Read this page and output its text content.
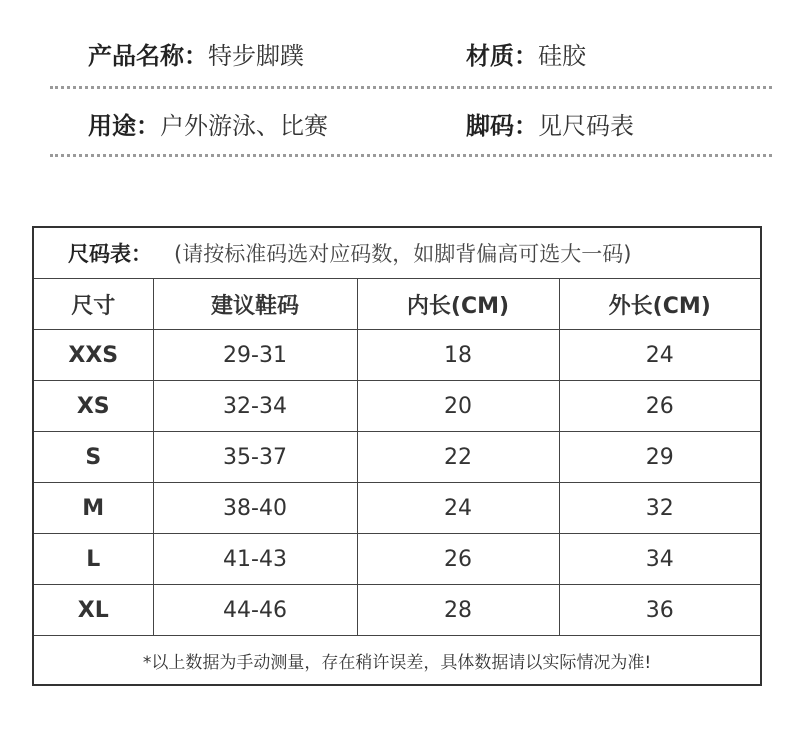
产品名称：特步脚蹼	材质：硅胶
用途：户外游泳、比赛	脚码：见尺码表
尺码表： (请按标准码选对应码数，如脚背偏高可选大一码)			
尺寸	建议鞋码	内长(CM)	外长(CM)
XXS	29-31	18	24
XS	32-34	20	26
S	35-37	22	29
M	38-40	24	32
L	41-43	26	34
XL	44-46	28	36
*以上数据为手动测量，存在稍许误差，具体数据请以实际情况为准!			
